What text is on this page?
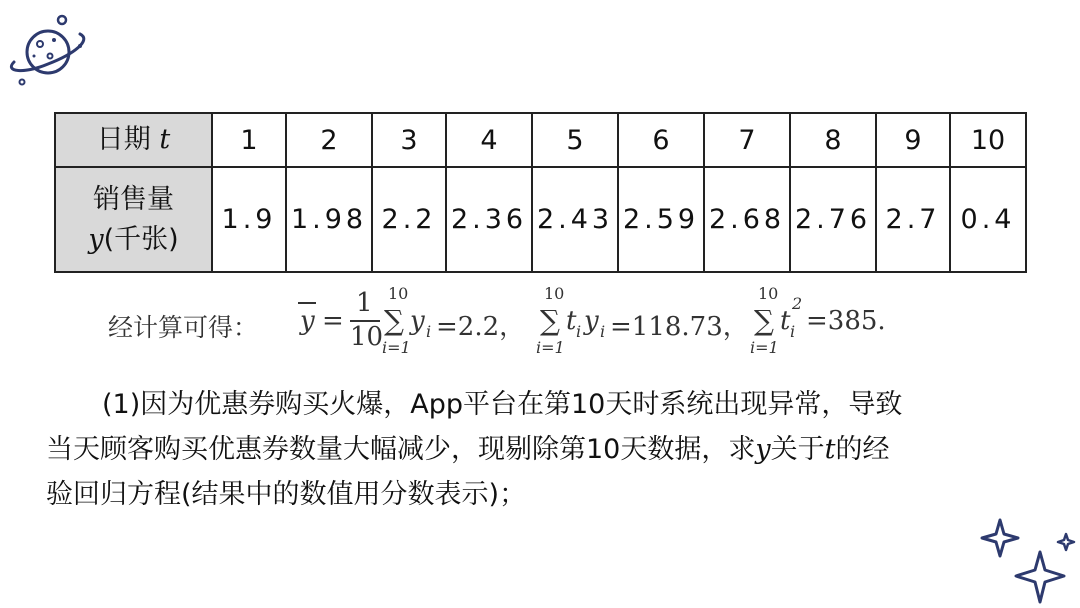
日期 t	1	2	3	4	5	6	7	8	9	10

销售量
y(千张)	1.9	1.98	2.2	2.36	2.43	2.59	2.68	2.76	2.7	0.4
经计算可得： y =
1
10
10
∑
i=1
y i =2.2，
10
∑
i=1
t i y i =118.73，
10
∑
i=1
t
2
i =385.

(1)因为优惠券购买火爆，App平台在第10天时系统出现异常，导致
当天顾客购买优惠券数量大幅减少，现剔除第10天数据，求y关于t的经
验回归方程(结果中的数值用分数表示)；
